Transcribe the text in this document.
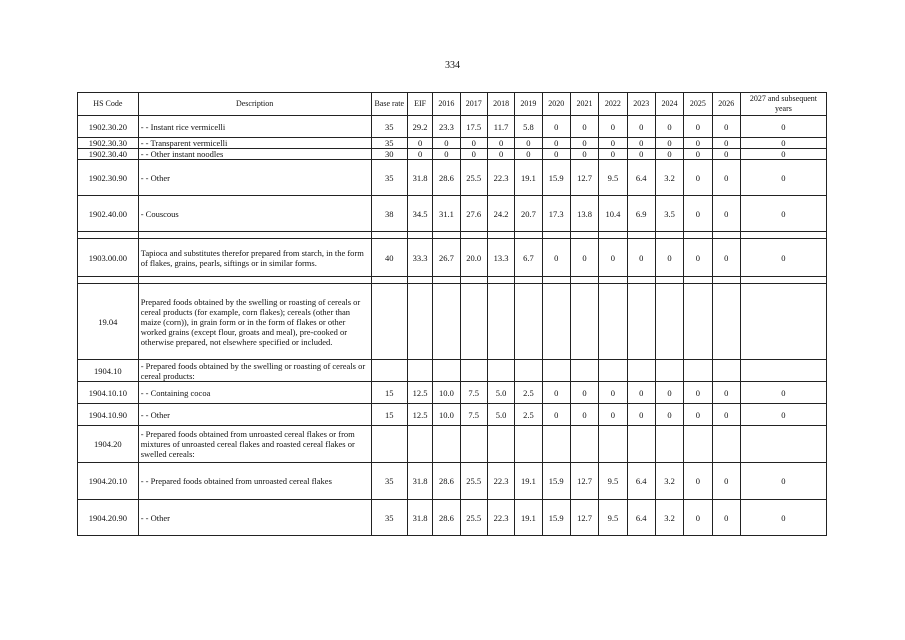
334
HS Code	Description	Base rate	EIF	2016	2017	2018	2019	2020	2021	2022	2023	2024	2025	2026	2027 and subsequent years
1902.30.20	- - Instant rice vermicelli	35	29.2	23.3	17.5	11.7	5.8	0	0	0	0	0	0	0	0
1902.30.30	- - Transparent vermicelli	35	0	0	0	0	0	0	0	0	0	0	0	0	0
1902.30.40	- - Other instant noodles	30	0	0	0	0	0	0	0	0	0	0	0	0	0
1902.30.90	- - Other	35	31.8	28.6	25.5	22.3	19.1	15.9	12.7	9.5	6.4	3.2	0	0	0
1902.40.00	- Couscous	38	34.5	31.1	27.6	24.2	20.7	17.3	13.8	10.4	6.9	3.5	0	0	0

1903.00.00	Tapioca and substitutes therefor prepared from starch, in the form of flakes, grains, pearls, siftings or in similar forms.	40	33.3	26.7	20.0	13.3	6.7	0	0	0	0	0	0	0	0

19.04	Prepared foods obtained by the swelling or roasting of cereals or cereal products (for example, corn flakes); cereals (other than maize (corn)), in grain form or in the form of flakes or other worked grains (except flour, groats and meal), pre-cooked or otherwise prepared, not elsewhere specified or included.														
1904.10	- Prepared foods obtained by the swelling or roasting of cereals or cereal products:														
1904.10.10	- - Containing cocoa	15	12.5	10.0	7.5	5.0	2.5	0	0	0	0	0	0	0	0
1904.10.90	- - Other	15	12.5	10.0	7.5	5.0	2.5	0	0	0	0	0	0	0	0
1904.20	- Prepared foods obtained from unroasted cereal flakes or from mixtures of unroasted cereal flakes and roasted cereal flakes or swelled cereals:														
1904.20.10	- - Prepared foods obtained from unroasted cereal flakes	35	31.8	28.6	25.5	22.3	19.1	15.9	12.7	9.5	6.4	3.2	0	0	0
1904.20.90	- - Other	35	31.8	28.6	25.5	22.3	19.1	15.9	12.7	9.5	6.4	3.2	0	0	0
